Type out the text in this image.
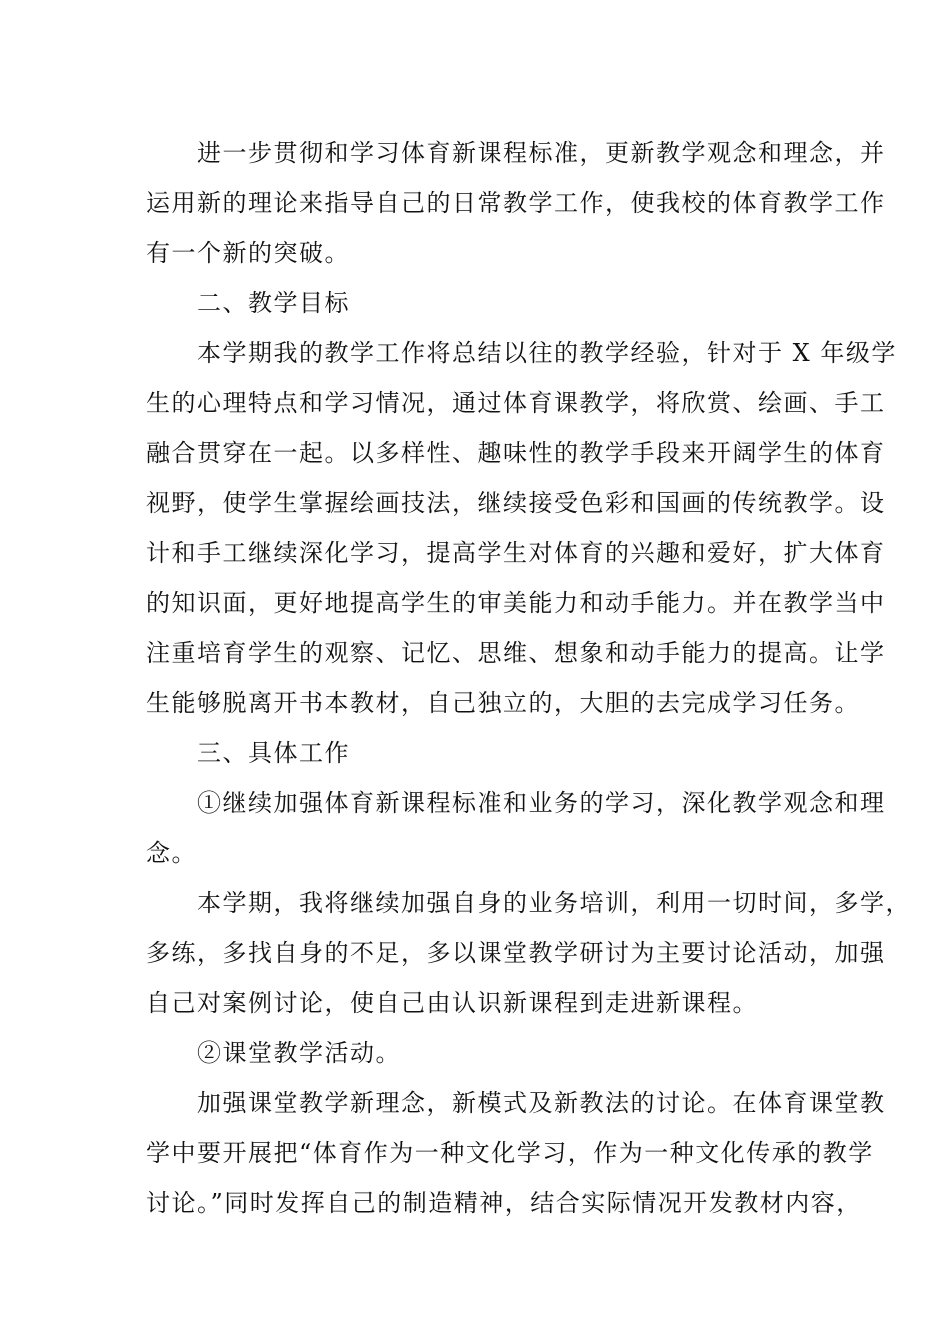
　　进一步贯彻和学习体育新课程标准，更新教学观念和理念，并

运用新的理论来指导自己的日常教学工作，使我校的体育教学工作

有一个新的突破。

　　二、教学目标

　　本学期我的教学工作将总结以往的教学经验，针对于 X 年级学

生的心理特点和学习情况，通过体育课教学，将欣赏、绘画、手工

融合贯穿在一起。以多样性、趣味性的教学手段来开阔学生的体育

视野，使学生掌握绘画技法，继续接受色彩和国画的传统教学。设

计和手工继续深化学习，提高学生对体育的兴趣和爱好，扩大体育

的知识面，更好地提高学生的审美能力和动手能力。并在教学当中

注重培育学生的观察、记忆、思维、想象和动手能力的提高。让学

生能够脱离开书本教材，自己独立的，大胆的去完成学习任务。

　　三、具体工作

　　①继续加强体育新课程标准和业务的学习，深化教学观念和理

念。

　　本学期，我将继续加强自身的业务培训，利用一切时间，多学，

多练，多找自身的不足，多以课堂教学研讨为主要讨论活动，加强

自己对案例讨论，使自己由认识新课程到走进新课程。

　　②课堂教学活动。

　　加强课堂教学新理念，新模式及新教法的讨论。在体育课堂教

学中要开展把“体育作为一种文化学习，作为一种文化传承的教学

讨论。”同时发挥自己的制造精神，结合实际情况开发教材内容，
